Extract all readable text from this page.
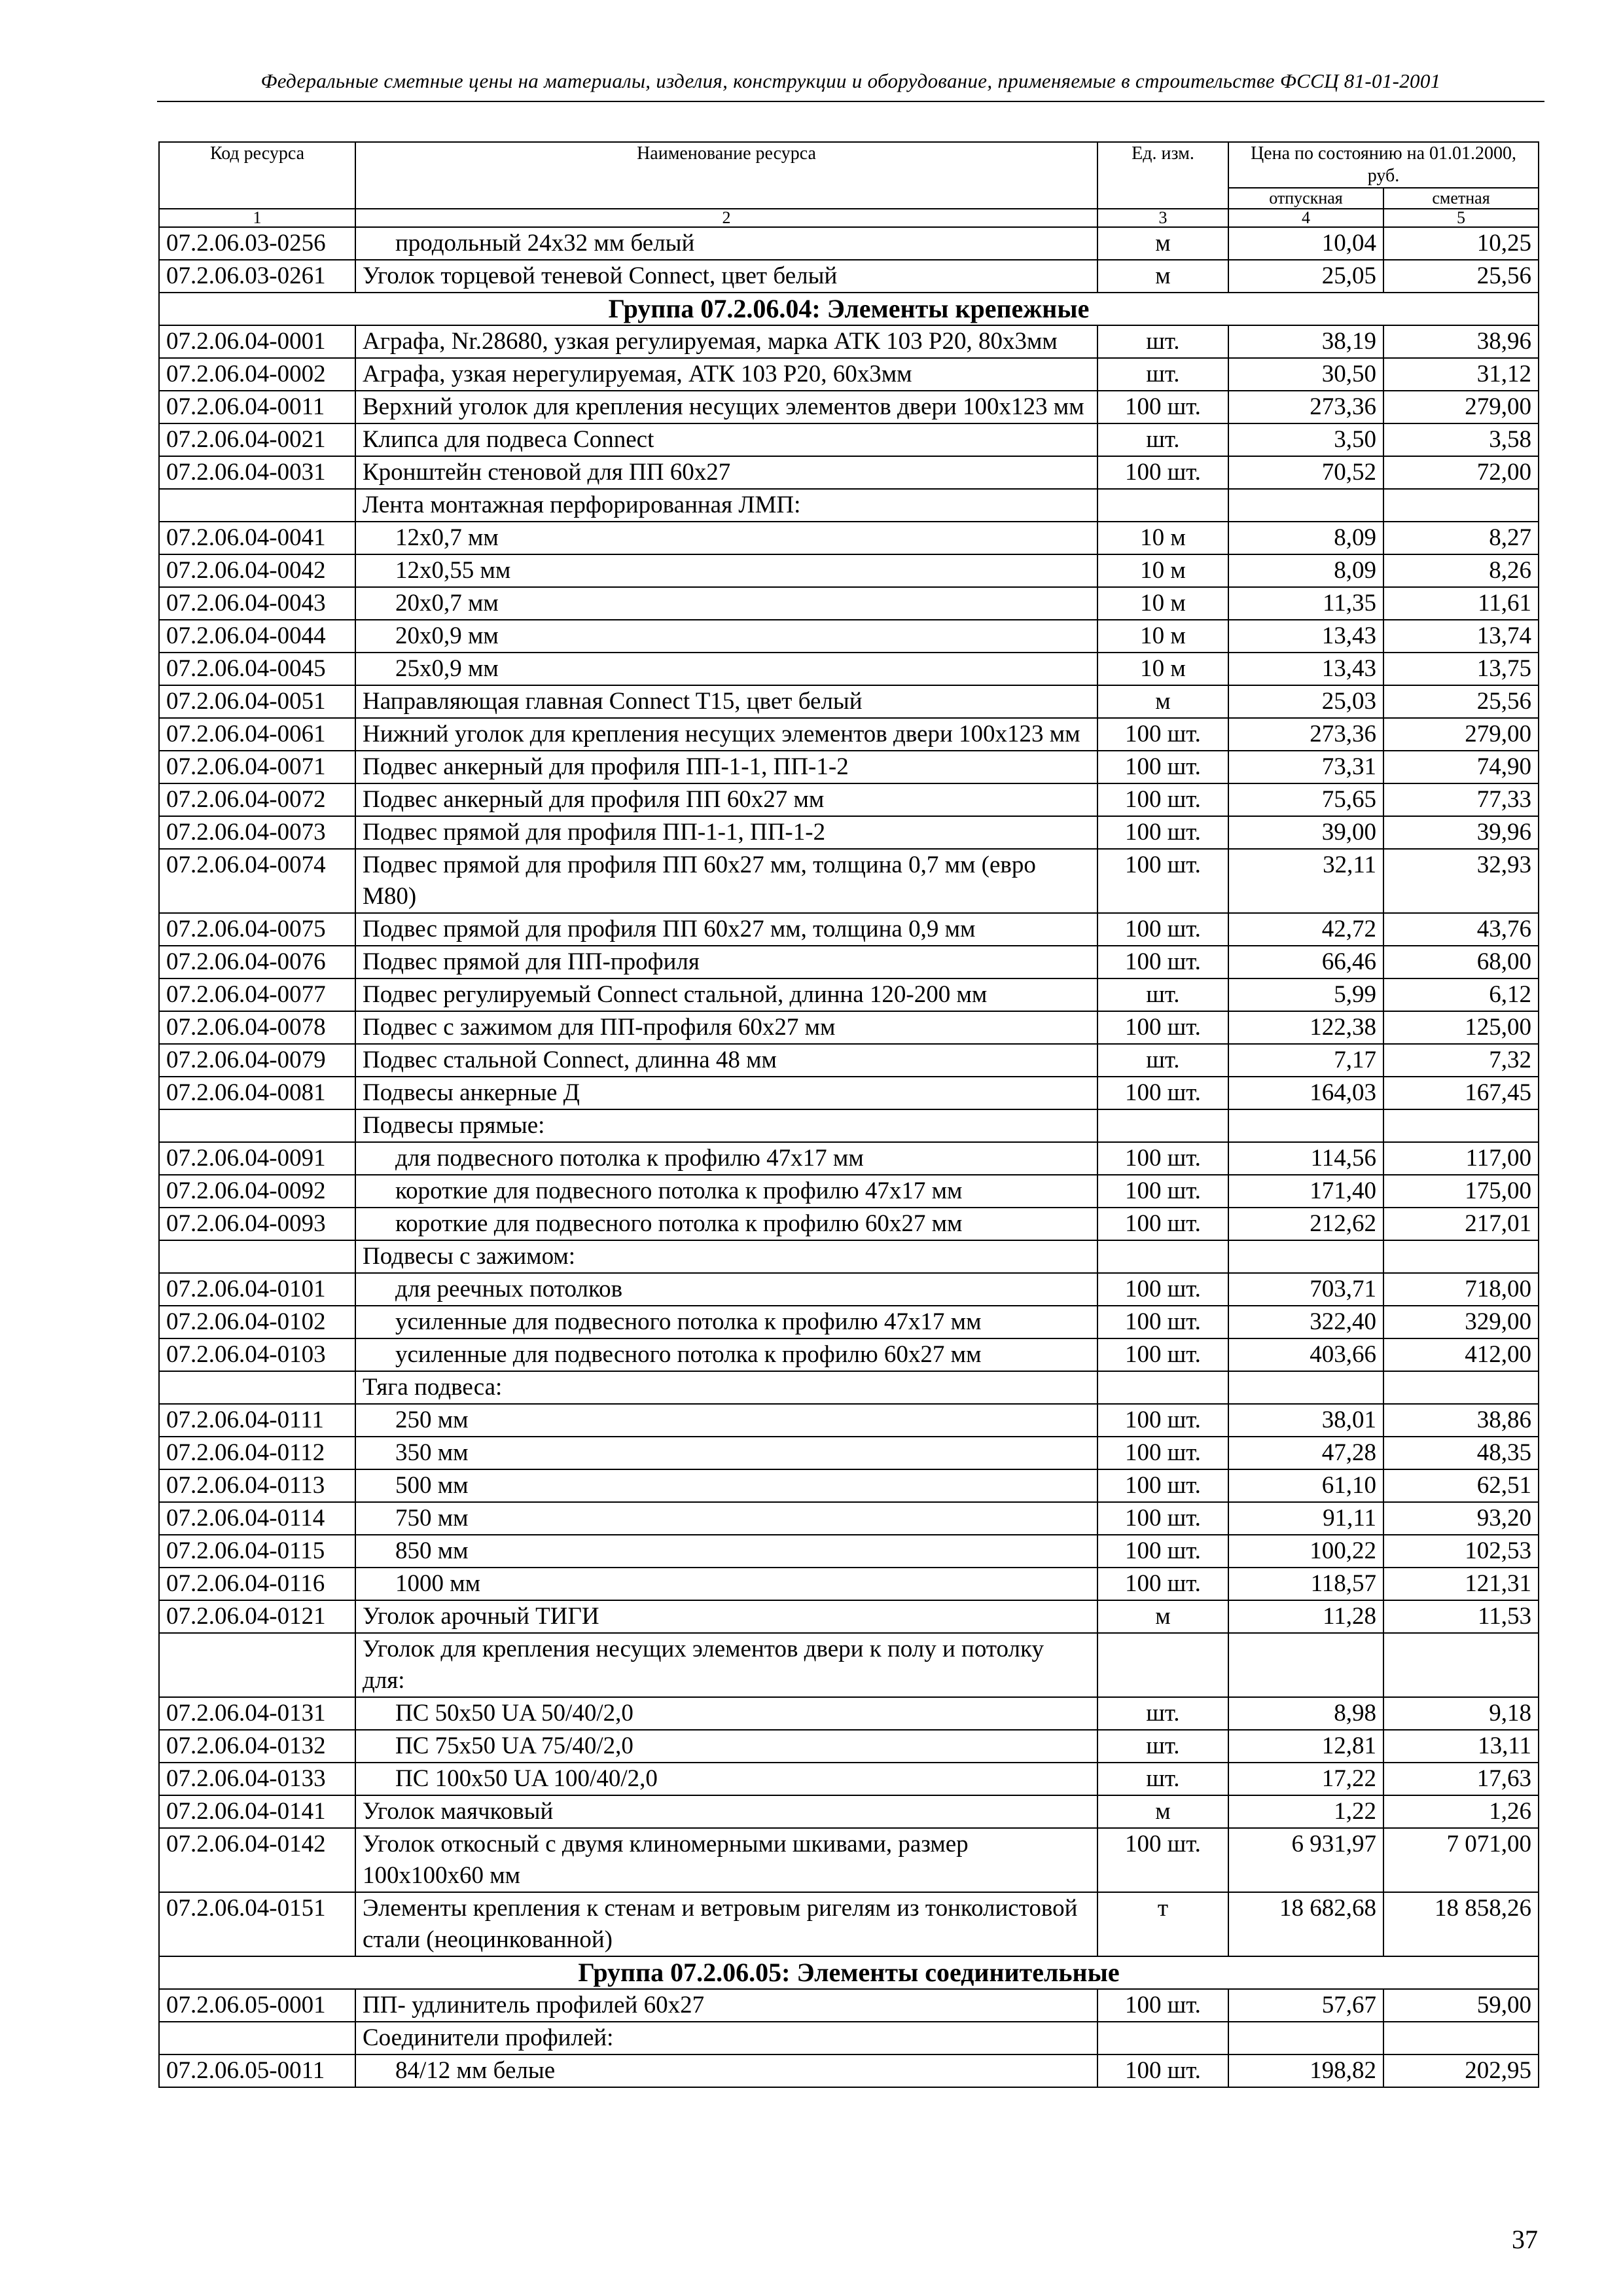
Федеральные сметные цены на материалы, изделия, конструкции и оборудование, применяемые в строительстве ФССЦ 81-01-2001
Код ресурса	Наименование ресурса	Ед. изм.	Цена по состоянию на 01.01.2000, руб.	
			отпускная	сметная
1	2	3	4	5
07.2.06.03-0256	продольный 24х32 мм белый	м	10,04	10,25
07.2.06.03-0261	Уголок торцевой теневой Connect, цвет белый	м	25,05	25,56
Группа 07.2.06.04: Элементы крепежные				
07.2.06.04-0001	Аграфа, Nr.28680, узкая регулируемая, марка АТК 103 Р20, 80х3мм	шт.	38,19	38,96
07.2.06.04-0002	Аграфа, узкая нерегулируемая, АТК 103 Р20, 60х3мм	шт.	30,50	31,12
07.2.06.04-0011	Верхний уголок для крепления несущих элементов двери 100х123 мм	100 шт.	273,36	279,00
07.2.06.04-0021	Клипса для подвеса Connect	шт.	3,50	3,58
07.2.06.04-0031	Кронштейн стеновой для ПП 60х27	100 шт.	70,52	72,00
	Лента монтажная перфорированная ЛМП:			
07.2.06.04-0041	12х0,7 мм	10 м	8,09	8,27
07.2.06.04-0042	12х0,55 мм	10 м	8,09	8,26
07.2.06.04-0043	20х0,7 мм	10 м	11,35	11,61
07.2.06.04-0044	20х0,9 мм	10 м	13,43	13,74
07.2.06.04-0045	25х0,9 мм	10 м	13,43	13,75
07.2.06.04-0051	Направляющая главная Connect T15, цвет белый	м	25,03	25,56
07.2.06.04-0061	Нижний уголок для крепления несущих элементов двери 100х123 мм	100 шт.	273,36	279,00
07.2.06.04-0071	Подвес анкерный для профиля ПП-1-1, ПП-1-2	100 шт.	73,31	74,90
07.2.06.04-0072	Подвес анкерный для профиля ПП 60х27 мм	100 шт.	75,65	77,33
07.2.06.04-0073	Подвес прямой для профиля ПП-1-1, ПП-1-2	100 шт.	39,00	39,96
07.2.06.04-0074	Подвес прямой для профиля ПП 60х27 мм, толщина 0,7 мм (евро М80)	100 шт.	32,11	32,93
07.2.06.04-0075	Подвес прямой для профиля ПП 60х27 мм, толщина 0,9 мм	100 шт.	42,72	43,76
07.2.06.04-0076	Подвес прямой для ПП-профиля	100 шт.	66,46	68,00
07.2.06.04-0077	Подвес регулируемый Connect стальной, длинна 120-200 мм	шт.	5,99	6,12
07.2.06.04-0078	Подвес с зажимом для ПП-профиля 60х27 мм	100 шт.	122,38	125,00
07.2.06.04-0079	Подвес стальной Connect, длинна 48 мм	шт.	7,17	7,32
07.2.06.04-0081	Подвесы анкерные Д	100 шт.	164,03	167,45
	Подвесы прямые:			
07.2.06.04-0091	для подвесного потолка к профилю 47х17 мм	100 шт.	114,56	117,00
07.2.06.04-0092	короткие для подвесного потолка к профилю 47х17 мм	100 шт.	171,40	175,00
07.2.06.04-0093	короткие для подвесного потолка к профилю 60х27 мм	100 шт.	212,62	217,01
	Подвесы с зажимом:			
07.2.06.04-0101	для реечных потолков	100 шт.	703,71	718,00
07.2.06.04-0102	усиленные для подвесного потолка к профилю 47х17 мм	100 шт.	322,40	329,00
07.2.06.04-0103	усиленные для подвесного потолка к профилю 60х27 мм	100 шт.	403,66	412,00
	Тяга подвеса:			
07.2.06.04-0111	250 мм	100 шт.	38,01	38,86
07.2.06.04-0112	350 мм	100 шт.	47,28	48,35
07.2.06.04-0113	500 мм	100 шт.	61,10	62,51
07.2.06.04-0114	750 мм	100 шт.	91,11	93,20
07.2.06.04-0115	850 мм	100 шт.	100,22	102,53
07.2.06.04-0116	1000 мм	100 шт.	118,57	121,31
07.2.06.04-0121	Уголок арочный ТИГИ	м	11,28	11,53
	Уголок для крепления несущих элементов двери к полу и потолку для:			
07.2.06.04-0131	ПС 50х50 UA 50/40/2,0	шт.	8,98	9,18
07.2.06.04-0132	ПС 75х50 UA 75/40/2,0	шт.	12,81	13,11
07.2.06.04-0133	ПС 100х50 UA 100/40/2,0	шт.	17,22	17,63
07.2.06.04-0141	Уголок маячковый	м	1,22	1,26
07.2.06.04-0142	Уголок откосный с двумя клиномерными шкивами, размер 100х100х60 мм	100 шт.	6 931,97	7 071,00
07.2.06.04-0151	Элементы крепления к стенам и ветровым ригелям из тонколистовой стали (неоцинкованной)	т	18 682,68	18 858,26
Группа 07.2.06.05: Элементы соединительные				
07.2.06.05-0001	ПП- удлинитель профилей 60х27	100 шт.	57,67	59,00
	Соединители профилей:			
07.2.06.05-0011	84/12 мм белые	100 шт.	198,82	202,95
37
